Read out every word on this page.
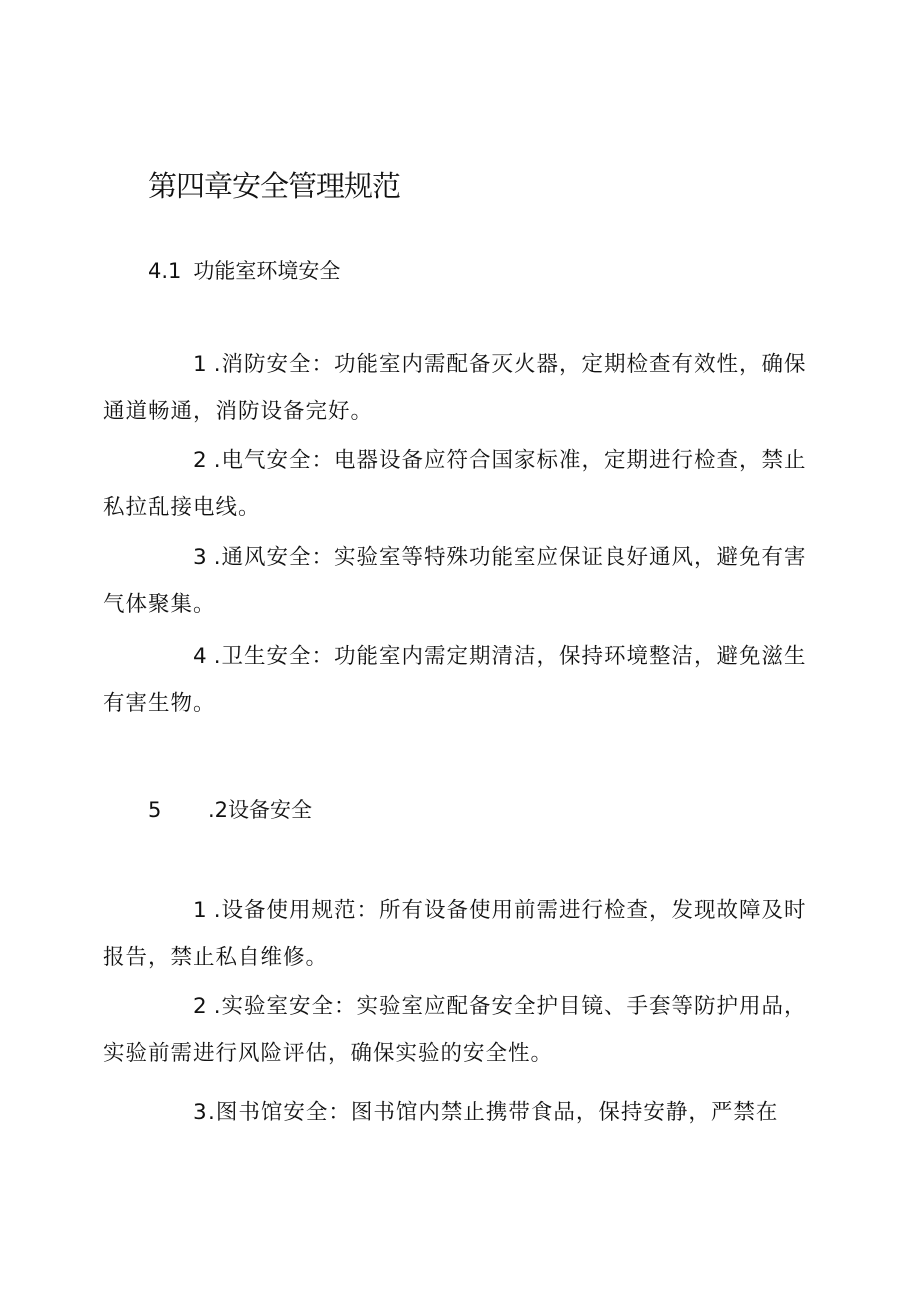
第四章安全管理规范
4.1 功能室环境安全

1 .消防安全：功能室内需配备灭火器，定期检查有效性，确保通道畅通，消防设备完好。

2 .电气安全：电器设备应符合国家标准，定期进行检查，禁止私拉乱接电线。

3 .通风安全：实验室等特殊功能室应保证良好通风，避免有害气体聚集。

4 .卫生安全：功能室内需定期清洁，保持环境整洁，避免滋生有害生物。

5 .2设备安全

1 .设备使用规范：所有设备使用前需进行检查，发现故障及时报告，禁止私自维修。

2 .实验室安全：实验室应配备安全护目镜、手套等防护用品，实验前需进行风险评估，确保实验的安全性。

3.图书馆安全：图书馆内禁止携带食品，保持安静，严禁在
